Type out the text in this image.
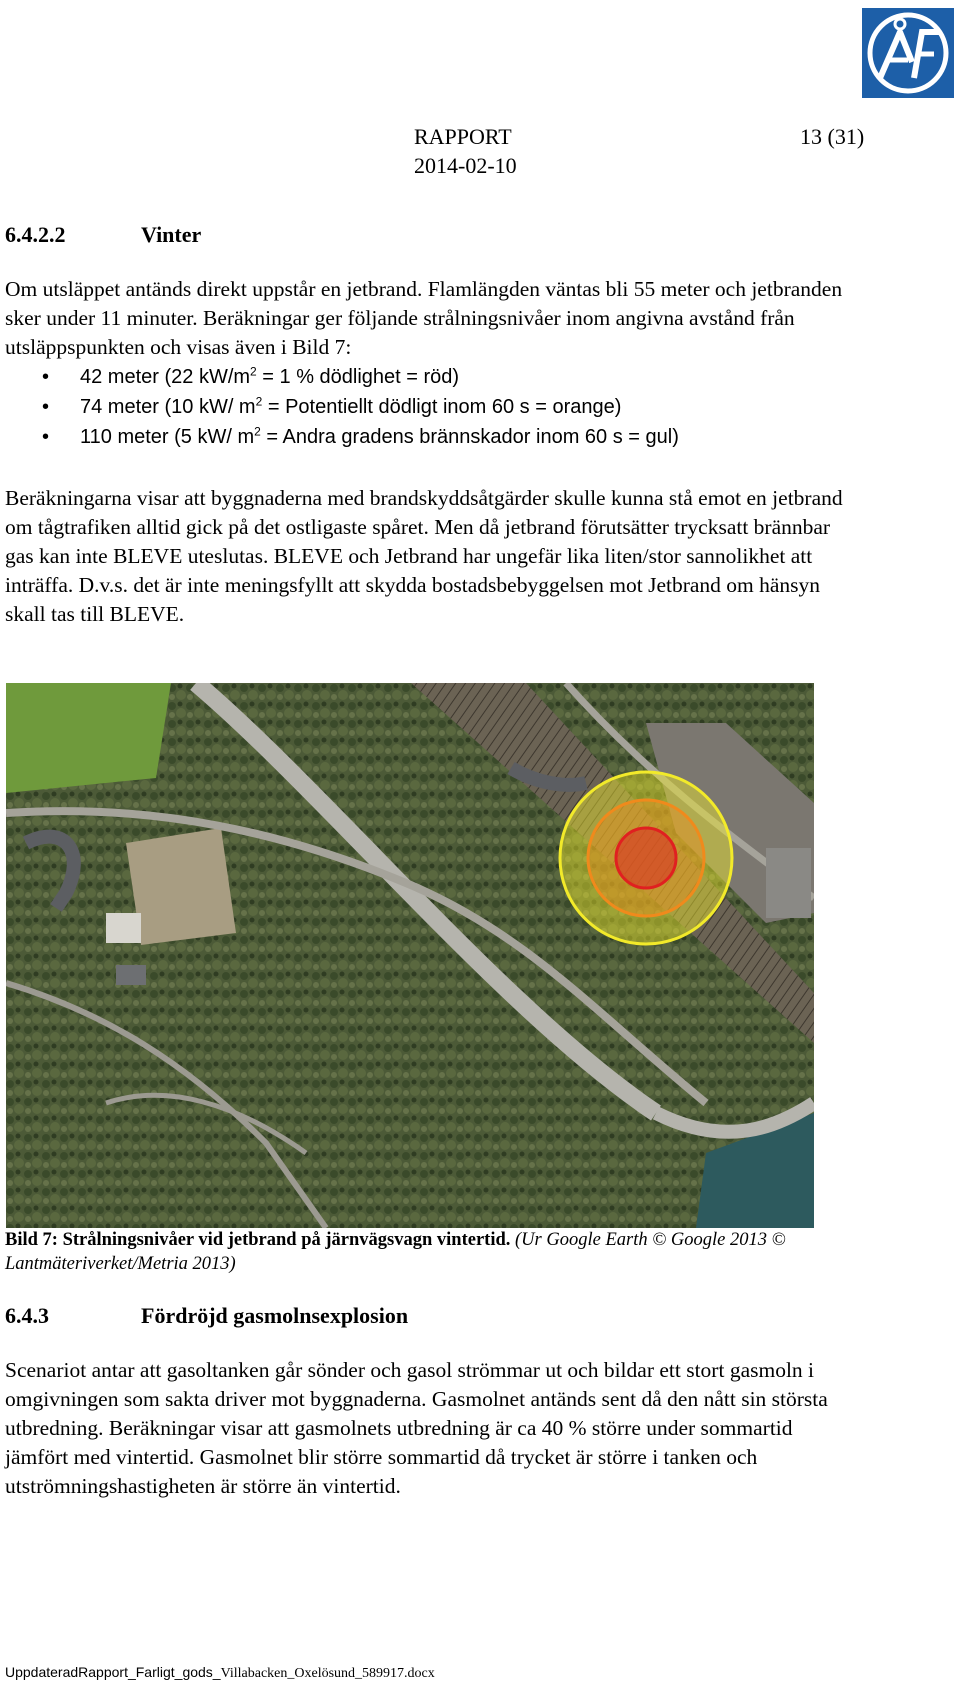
RAPPORT
2014-02-10
13 (31)
6.4.2.2	Vinter

Om utsläppet antänds direkt uppstår en jetbrand. Flamlängden väntas bli 55 meter och jetbranden sker under 11 minuter. Beräkningar ger följande strålningsnivåer inom angivna avstånd från utsläppspunkten och visas även i Bild 7:

• 42 meter (22 $kW/m^2 = 1$ % dödlighet = röd)
• 74 meter (10 kW/ $m^2$ = Potentiellt dödligt inom 60 s = orange)
• 110 meter (5 kW/ $m^2$ = Andra gradens brännskador inom 60 s = gul)
Beräkningarna visar att byggnaderna med brandskyddsåtgärder skulle kunna stå emot en jetbrand om tågtrafiken alltid gick på det ostligaste spåret. Men då jetbrand förutsätter trycksatt brännbar gas kan inte BLEVE uteslutas. BLEVE och Jetbrand har ungefär lika liten/stor sannolikhet att inträffa. D.v.s. det är inte meningsfyllt att skydda bostadsbebyggelsen mot Jetbrand om hänsyn skall tas till BLEVE.
Bild 7: Strålningsnivåer vid jetbrand på järnvägsvagn vintertid. (Ur Google Earth © Google 2013 © Lantmäteriverket/Metria 2013)
6.4.3	Fördröjd gasmolnsexplosion
Scenariot antar att gasoltanken går sönder och gasol strömmar ut och bildar ett stort gasmoln i omgivningen som sakta driver mot byggnaderna. Gasmolnet antänds sent då den nått sin största utbredning. Beräkningar visar att gasmolnets utbredning är ca 40 % större under sommartid jämfört med vintertid. Gasmolnet blir större sommartid då trycket är större i tanken och utströmningshastigheten är större än vintertid.
UppdateradRapport_Farligt_gods_Villabacken_Oxelösund_589917.docx
